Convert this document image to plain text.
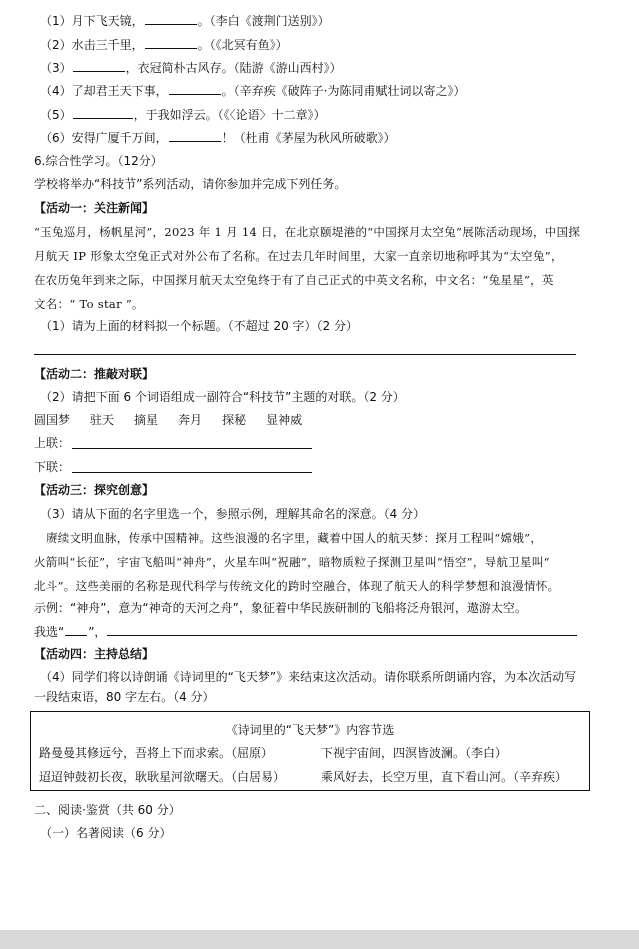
（1）月下飞天镜，	。（李白《渡荆门送别》）
（2）水击三千里，	。（《北冥有鱼》）
（3）	，衣冠简朴古风存。（陆游《游山西村》）
（4）了却君王天下事，	。（辛弃疾《破阵子·为陈同甫赋壮词以寄之》）
（5）	，于我如浮云。（《〈论语〉十二章》）
（6）安得广厦千万间，	！（杜甫《茅屋为秋风所破歌》）
6.综合性学习。（12分）
学校将举办“科技节”系列活动，请你参加并完成下列任务。
【活动一：关注新闻】
“玉兔巡月，杨帆星河”，2023 年 1 月 14 日，在北京颐堤港的“中国探月太空兔”展陈活动现场，中国探
月航天 IP 形象太空兔正式对外公布了名称。在过去几年时间里，大家一直亲切地称呼其为“太空兔”，
在农历兔年到来之际，中国探月航天太空兔终于有了自己正式的中英文名称，中文名：“兔星星”，英
文名：“ To star ”。
（1）请为上面的材料拟一个标题。（不超过 20 字）（2 分）
【活动二：推敲对联】
（2）请把下面 6 个词语组成一副符合“科技节”主题的对联。（2 分）
圆国梦 驻天 摘星 奔月 探秘 显神威
上联：
下联：
【活动三：探究创意】
（3）请从下面的名字里选一个，参照示例，理解其命名的深意。（4 分）
赓续文明血脉，传承中国精神。这些浪漫的名字里，藏着中国人的航天梦：探月工程叫“嫦娥”，
火箭叫“长征”，宇宙飞船叫“神舟”，火星车叫“祝融”，暗物质粒子探测卫星叫“悟空”，导航卫星叫“
北斗”。这些美丽的名称是现代科学与传统文化的跨时空融合，体现了航天人的科学梦想和浪漫情怀。
示例：“神舟”，意为“神奇的天河之舟”，象征着中华民族研制的飞船将泛舟银河，遨游太空。
我选“ ”，
【活动四：主持总结】
（4）同学们将以诗朗诵《诗词里的“飞天梦”》来结束这次活动。请你联系所朗诵内容，为本次活动写
一段结束语，80 字左右。（4 分）
《诗词里的“飞天梦”》内容节选
路曼曼其修远兮，吾将上下而求索。（屈原）	下视宇宙间，四溟皆波澜。（李白）
迢迢钟鼓初长夜，耿耿星河欲曙天。（白居易）	乘风好去，长空万里，直下看山河。（辛弃疾）
二、阅读·鉴赏（共 60 分）
（一）名著阅读（6 分）
